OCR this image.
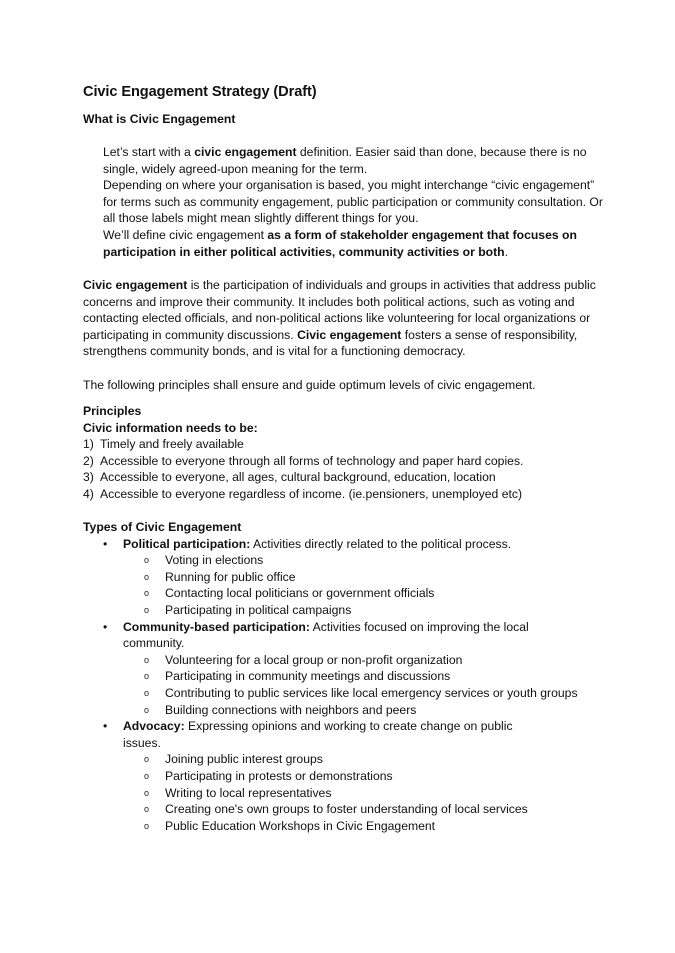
Civic Engagement Strategy (Draft)
What is Civic Engagement

Let’s start with a civic engagement definition. Easier said than done, because there is no single, widely agreed-upon meaning for the term.

Depending on where your organisation is based, you might interchange “civic engagement” for terms such as community engagement, public participation or community consultation. Or all those labels might mean slightly different things for you.

We’ll define civic engagement as a form of stakeholder engagement that focuses on participation in either political activities, community activities or both.

Civic engagement is the participation of individuals and groups in activities that address public concerns and improve their community. It includes both political actions, such as voting and contacting elected officials, and non-political actions like volunteering for local organizations or participating in community discussions. Civic engagement fosters a sense of responsibility, strengthens community bonds, and is vital for a functioning democracy.

The following principles shall ensure and guide optimum levels of civic engagement.

Principles
Civic information needs to be:
1) Timely and freely available
2) Accessible to everyone through all forms of technology and paper hard copies.
3) Accessible to everyone, all ages, cultural background, education, location
4) Accessible to everyone regardless of income. (ie.pensioners, unemployed etc)
Types of Civic Engagement
• Political participation: Activities directly related to the political process.
o Voting in elections
o Running for public office
o Contacting local politicians or government officials
o Participating in political campaigns
• Community-based participation: Activities focused on improving the local community.
o Volunteering for a local group or non-profit organization
o Participating in community meetings and discussions
o Contributing to public services like local emergency services or youth groups
o Building connections with neighbors and peers
• Advocacy: Expressing opinions and working to create change on public issues.
o Joining public interest groups
o Participating in protests or demonstrations
o Writing to local representatives
o Creating one's own groups to foster understanding of local services
o Public Education Workshops in Civic Engagement
